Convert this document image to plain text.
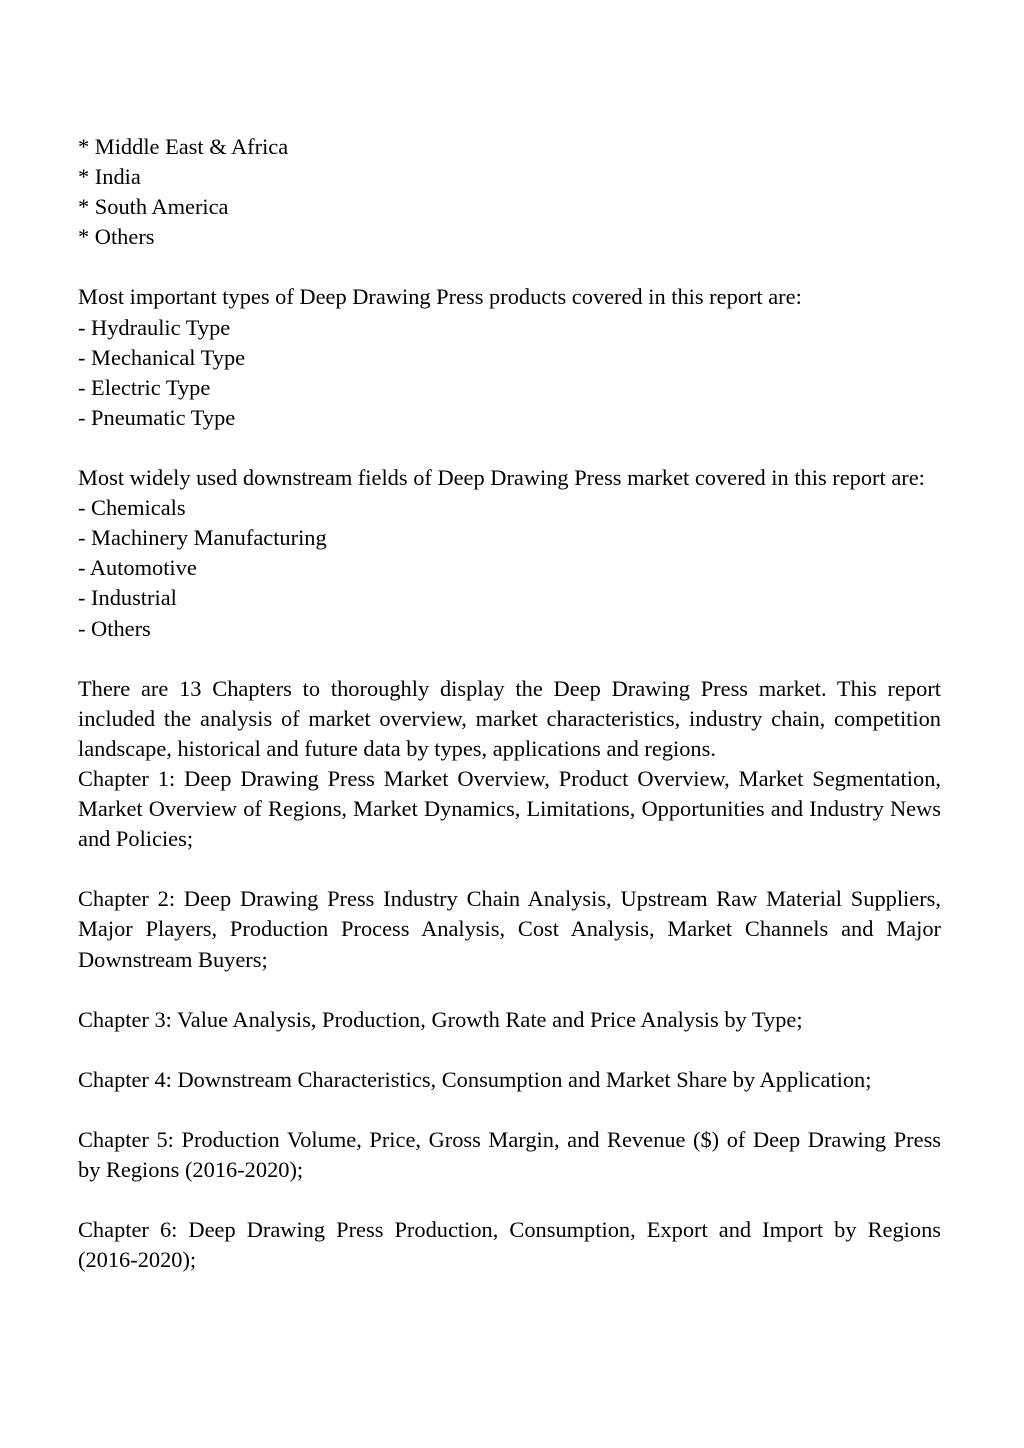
* Middle East & Africa
* India
* South America
* Others
Most important types of Deep Drawing Press products covered in this report are:
- Hydraulic Type
- Mechanical Type
- Electric Type
- Pneumatic Type
Most widely used downstream fields of Deep Drawing Press market covered in this report are:
- Chemicals
- Machinery Manufacturing
- Automotive
- Industrial
- Others
There are 13 Chapters to thoroughly display the Deep Drawing Press market. This report included the analysis of market overview, market characteristics, industry chain, competition landscape, historical and future data by types, applications and regions.
Chapter 1: Deep Drawing Press Market Overview, Product Overview, Market Segmentation, Market Overview of Regions, Market Dynamics, Limitations, Opportunities and Industry News and Policies;
Chapter 2: Deep Drawing Press Industry Chain Analysis, Upstream Raw Material Suppliers, Major Players, Production Process Analysis, Cost Analysis, Market Channels and Major Downstream Buyers;
Chapter 3: Value Analysis, Production, Growth Rate and Price Analysis by Type;
Chapter 4: Downstream Characteristics, Consumption and Market Share by Application;
Chapter 5: Production Volume, Price, Gross Margin, and Revenue ($) of Deep Drawing Press by Regions (2016-2020);
Chapter 6: Deep Drawing Press Production, Consumption, Export and Import by Regions (2016-2020);
